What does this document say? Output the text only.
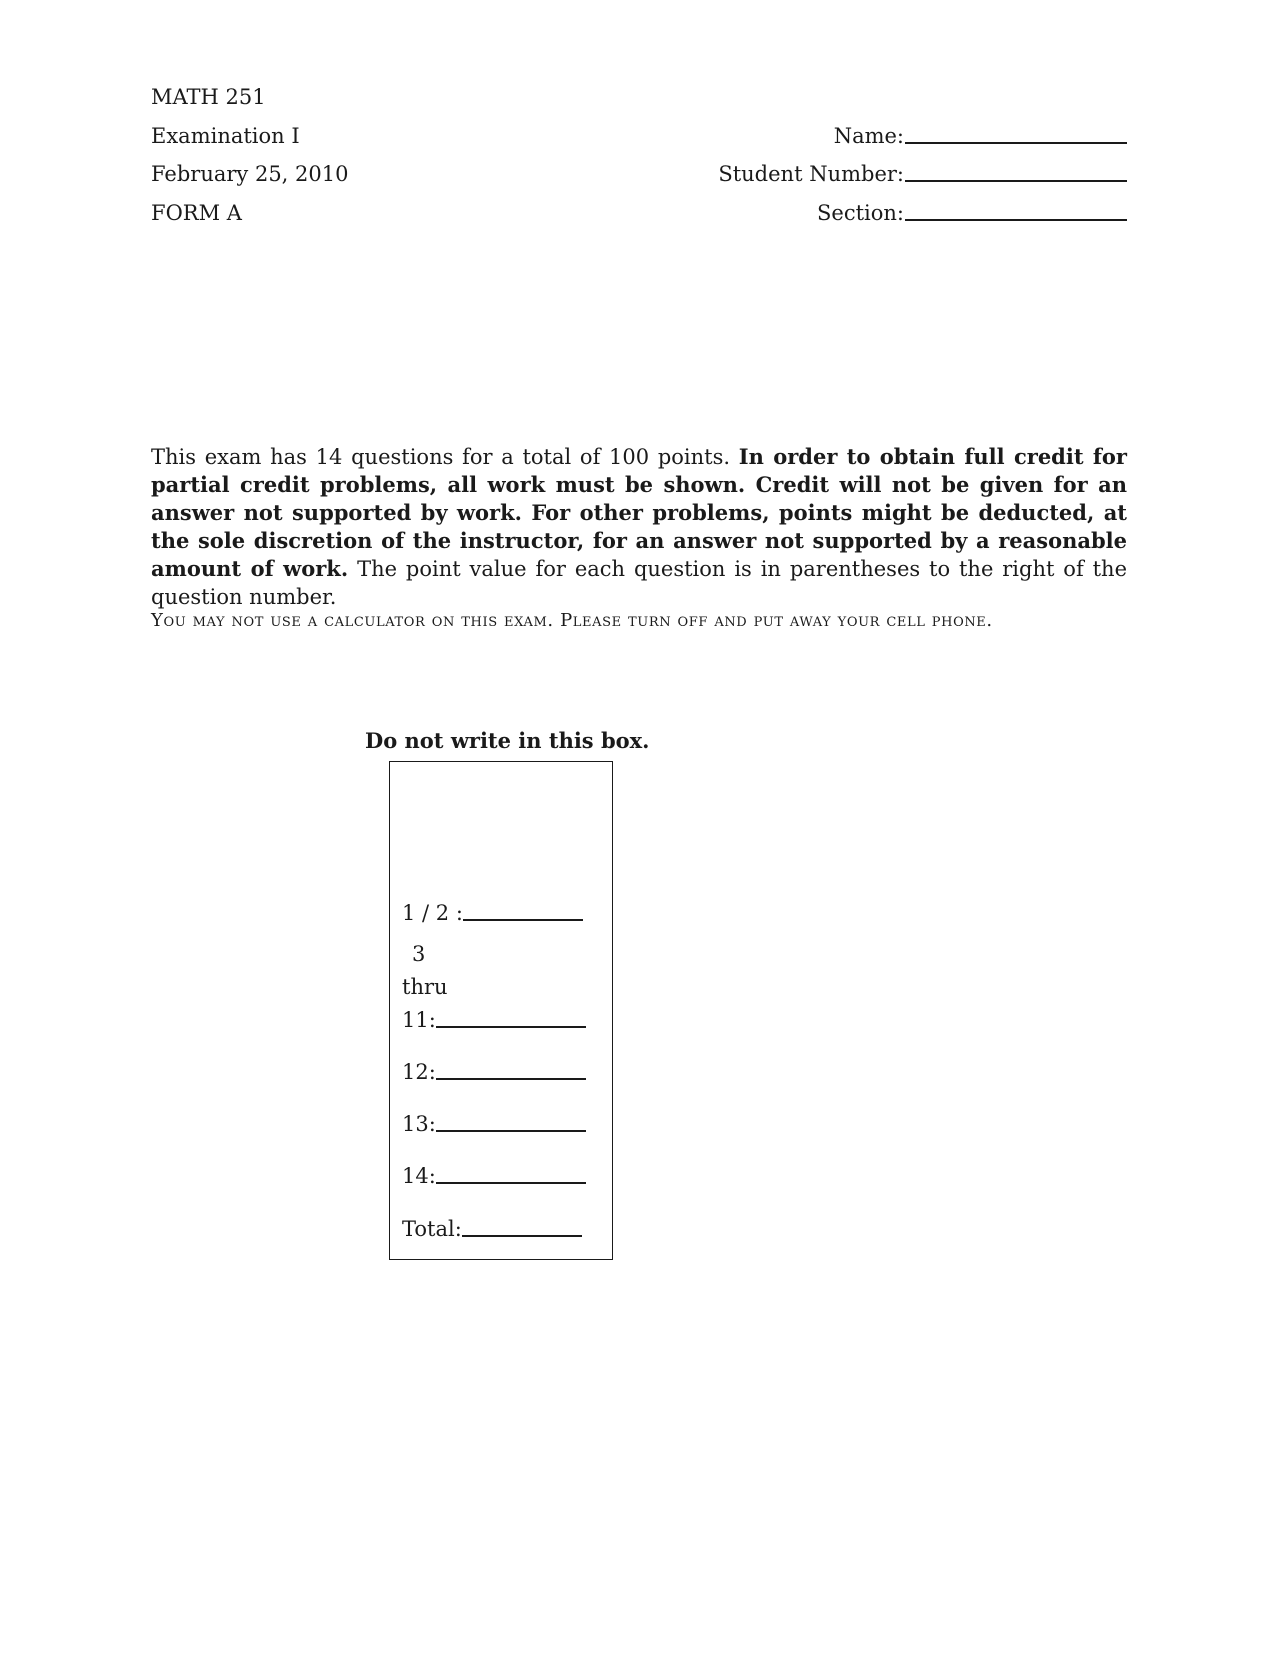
MATH 251
Examination I
February 25, 2010
FORM A
Name:
Student Number:
Section:
This exam has 14 questions for a total of 100 points. In order to obtain full credit for partial credit problems, all work must be shown. Credit will not be given for an answer not supported by work. For other problems, points might be deducted, at the sole discretion of the instructor, for an answer not supported by a reasonable amount of work. The point value for each question is in parentheses to the right of the question number.
You may not use a calculator on this exam. Please turn off and put away your cell phone.
Do not write in this box.
1 / 2 :
3
thru
11:
12:
13:
14:
Total:
